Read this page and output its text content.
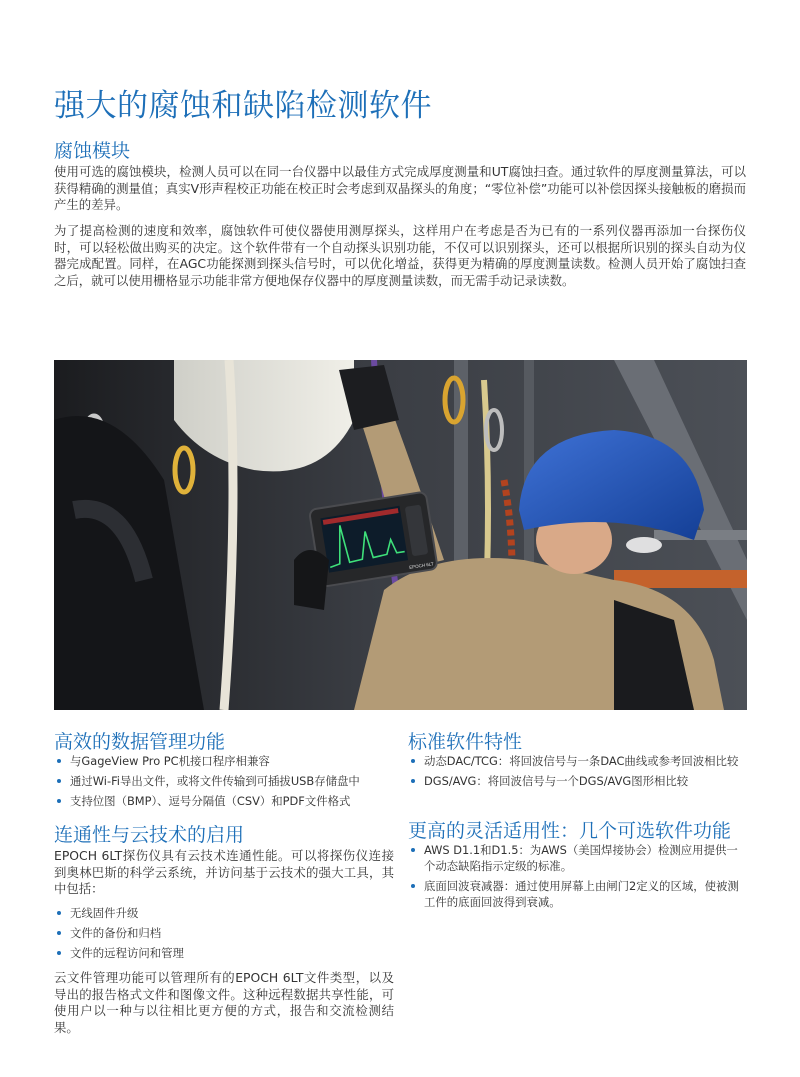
强大的腐蚀和缺陷检测软件
腐蚀模块

使用可选的腐蚀模块，检测人员可以在同一台仪器中以最佳方式完成厚度测量和UT腐蚀扫查。通过软件的厚度测量算法，可以获得精确的测量值；真实V形声程校正功能在校正时会考虑到双晶探头的角度；“零位补偿”功能可以补偿因探头接触板的磨损而产生的差异。

为了提高检测的速度和效率，腐蚀软件可使仪器使用测厚探头，这样用户在考虑是否为已有的一系列仪器再添加一台探伤仪时，可以轻松做出购买的决定。这个软件带有一个自动探头识别功能，不仅可以识别探头，还可以根据所识别的探头自动为仪器完成配置。同样，在AGC功能探测到探头信号时，可以优化增益，获得更为精确的厚度测量读数。检测人员开始了腐蚀扫查之后，就可以使用栅格显示功能非常方便地保存仪器中的厚度测量读数，而无需手动记录读数。

EPOCH 6LT
高效的数据管理功能
与GageView Pro PC机接口程序相兼容
通过Wi-Fi导出文件，或将文件传输到可插拔USB存储盘中
支持位图（BMP）、逗号分隔值（CSV）和PDF文件格式
连通性与云技术的启用

EPOCH 6LT探伤仪具有云技术连通性能。可以将探伤仪连接到奥林巴斯的科学云系统，并访问基于云技术的强大工具，其中包括：

无线固件升级
文件的备份和归档
文件的远程访问和管理

云文件管理功能可以管理所有的EPOCH 6LT文件类型，以及导出的报告格式文件和图像文件。这种远程数据共享性能，可使用户以一种与以往相比更方便的方式，报告和交流检测结果。

标准软件特性
动态DAC/TCG：将回波信号与一条DAC曲线或参考回波相比较
DGS/AVG：将回波信号与一个DGS/AVG图形相比较
更高的灵活适用性：几个可选软件功能
AWS D1.1和D1.5：为AWS（美国焊接协会）检测应用提供一个动态缺陷指示定级的标准。
底面回波衰减器：通过使用屏幕上由闸门2定义的区域，使被测工件的底面回波得到衰减。
